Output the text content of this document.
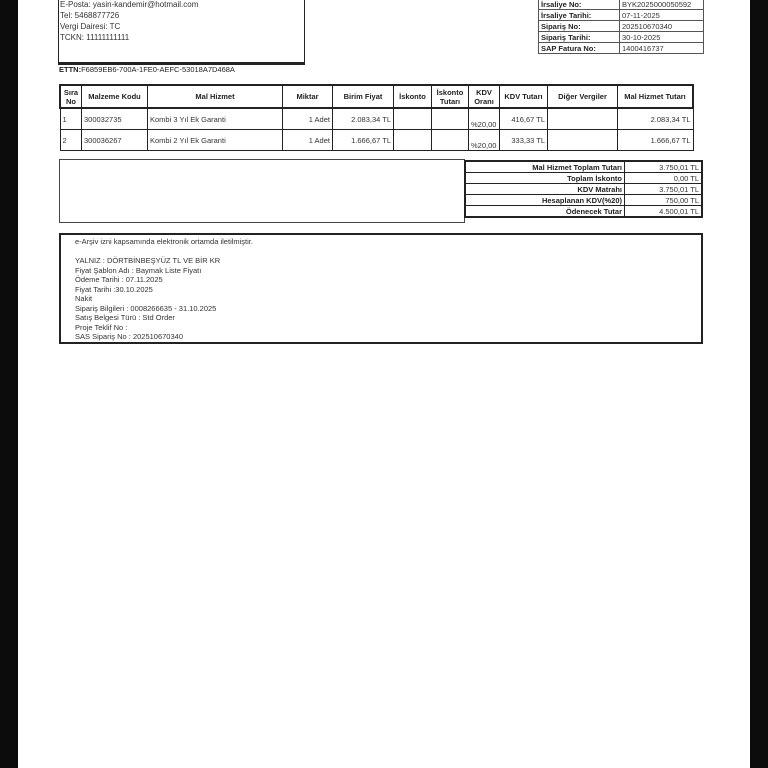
E-Posta: yasin-kandemir@hotmail.com
Tel: 5468877726
Vergi Dairesi: TC
TCKN: 11111111111

İrsaliye No:	BYK2025000050592
İrsaliye Tarihi:	07-11-2025
Sipariş No:	202510670340
Sipariş Tarihi:	30-10-2025
SAP Fatura No:	1400416737
ETTN:F6859EB6-700A-1FE0-AEFC-53018A7D468A
Sıra No	Malzeme Kodu	Mal Hizmet	Miktar	Birim Fiyat	İskonto	İskonto Tutarı	KDV Oranı	KDV Tutarı	Diğer Vergiler	Mal Hizmet Tutarı
1	300032735	Kombi 3 Yıl Ek Garanti	1 Adet	2.083,34 TL			%20,00	416,67 TL		2.083,34 TL
2	300036267	Kombi 2 Yıl Ek Garanti	1 Adet	1.666,67 TL			%20,00	333,33 TL		1.666,67 TL
Mal Hizmet Toplam Tutarı	3.750,01 TL
Toplam İskonto	0,00 TL
KDV Matrahı	3.750,01 TL
Hesaplanan KDV(%20)	750,00 TL
Ödenecek Tutar	4.500,01 TL
e-Arşiv izni kapsamında elektronik ortamda iletilmiştir.
YALNIZ : DÖRTBİNBEŞYÜZ TL VE BİR KR
Fiyat Şablon Adı : Baymak Liste Fiyatı
Ödeme Tarihi : 07.11.2025
Fiyat Tarihi :30.10.2025
Nakit
Sipariş Bilgileri : 0008266635 - 31.10.2025
Satış Belgesi Türü : Std Order
Proje Teklif No :
SAS Sipariş No : 202510670340
